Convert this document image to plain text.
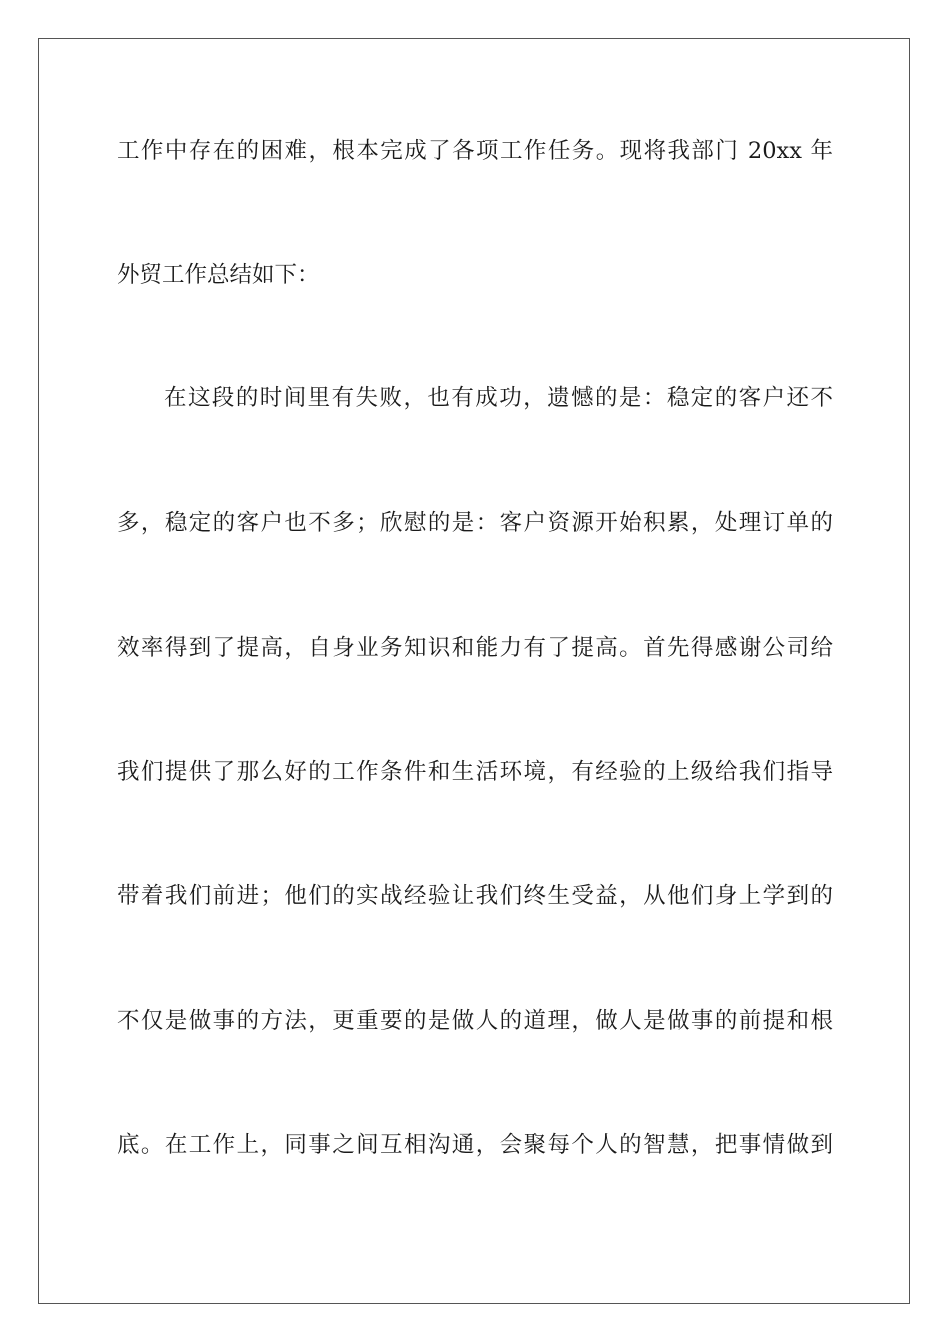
工作中存在的困难，根本完成了各项工作任务。现将我部门 20xx 年
外贸工作总结如下：
在这段的时间里有失败，也有成功，遗憾的是：稳定的客户还不
多，稳定的客户也不多；欣慰的是：客户资源开始积累，处理订单的
效率得到了提高，自身业务知识和能力有了提高。首先得感谢公司给
我们提供了那么好的工作条件和生活环境，有经验的上级给我们指导
带着我们前进；他们的实战经验让我们终生受益，从他们身上学到的
不仅是做事的方法，更重要的是做人的道理，做人是做事的前提和根
底。在工作上，同事之间互相沟通，会聚每个人的智慧，把事情做到
